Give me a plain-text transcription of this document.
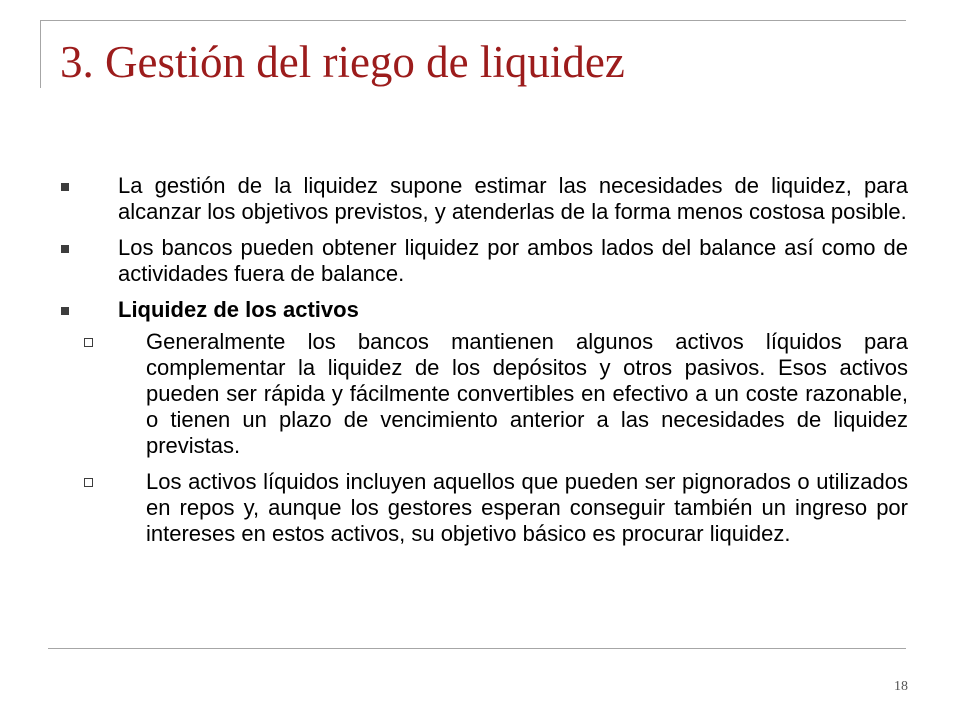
3. Gestión del riego de liquidez

La gestión de la liquidez supone estimar las necesidades de liquidez, para alcanzar los objetivos previstos, y atenderlas de la forma menos costosa posible.

Los bancos pueden obtener liquidez por ambos lados del balance así como de actividades fuera de balance.

Liquidez de los activos

Generalmente los bancos mantienen algunos activos líquidos para complementar la liquidez de los depósitos y otros pasivos. Esos activos pueden ser rápida y fácilmente convertibles en efectivo a un coste razonable, o tienen un plazo de vencimiento anterior a las necesidades de liquidez previstas.

Los activos líquidos incluyen aquellos que pueden ser pignorados o utilizados en repos y, aunque los gestores esperan conseguir también un ingreso por intereses en estos activos, su objetivo básico es procurar liquidez.

18
